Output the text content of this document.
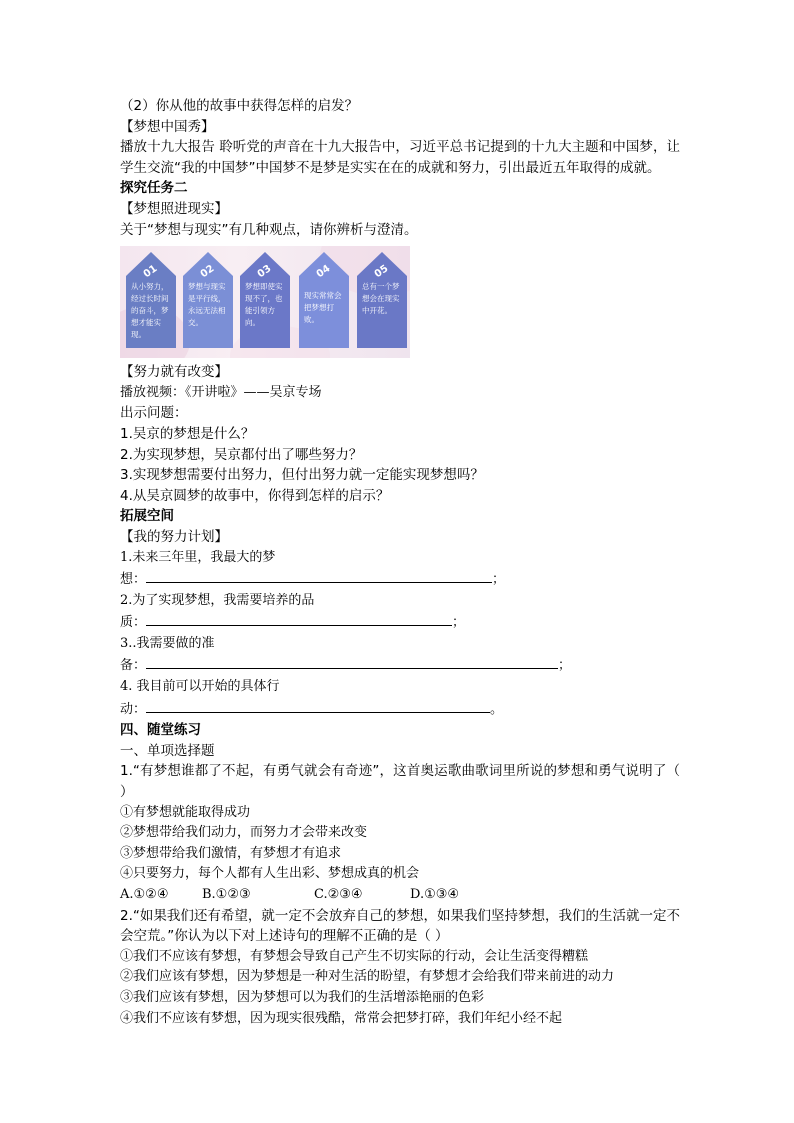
（2）你从他的故事中获得怎样的启发？
【梦想中国秀】
播放十九大报告 聆听党的声音在十九大报告中，习近平总书记提到的十九大主题和中国梦，让学生交流“我的中国梦”中国梦不是梦是实实在在的成就和努力，引出最近五年取得的成就。
探究任务二
【梦想照进现实】
关于“梦想与现实”有几种观点，请你辨析与澄清。
01
从小努力，经过长时间的奋斗，梦想才能实现。
02
梦想与现实是平行线，永远无法相交。
03
梦想即使实现不了，也能引领方向。
04
现实常常会把梦想打败。
05
总有一个梦想会在现实中开花。
【努力就有改变】
播放视频：《开讲啦》——吴京专场
出示问题：
1.吴京的梦想是什么？
2.为实现梦想，吴京都付出了哪些努力？
3.实现梦想需要付出努力，但付出努力就一定能实现梦想吗？
4.从吴京圆梦的故事中，你得到怎样的启示？
拓展空间
【我的努力计划】
1.未来三年里，我最大的梦
想：	；
2.为了实现梦想，我需要培养的品
质：	；
3..我需要做的准
备：	；
4. 我目前可以开始的具体行
动：	。
四、随堂练习
一、单项选择题
1.“有梦想谁都了不起，有勇气就会有奇迹”，这首奥运歌曲歌词里所说的梦想和勇气说明了（ ）
①有梦想就能取得成功
②梦想带给我们动力，而努力才会带来改变
③梦想带给我们激情，有梦想才有追求
④只要努力，每个人都有人生出彩、梦想成真的机会
A.①②④	B.①②③	C.②③④	D.①③④
2.“如果我们还有希望，就一定不会放弃自己的梦想，如果我们坚持梦想，我们的生活就一定不会空荒。”你认为以下对上述诗句的理解不正确的是（ ）
①我们不应该有梦想，有梦想会导致自己产生不切实际的行动，会让生活变得糟糕
②我们应该有梦想，因为梦想是一种对生活的盼望，有梦想才会给我们带来前进的动力
③我们应该有梦想，因为梦想可以为我们的生活增添艳丽的色彩
④我们不应该有梦想，因为现实很残酷，常常会把梦打碎，我们年纪小经不起
